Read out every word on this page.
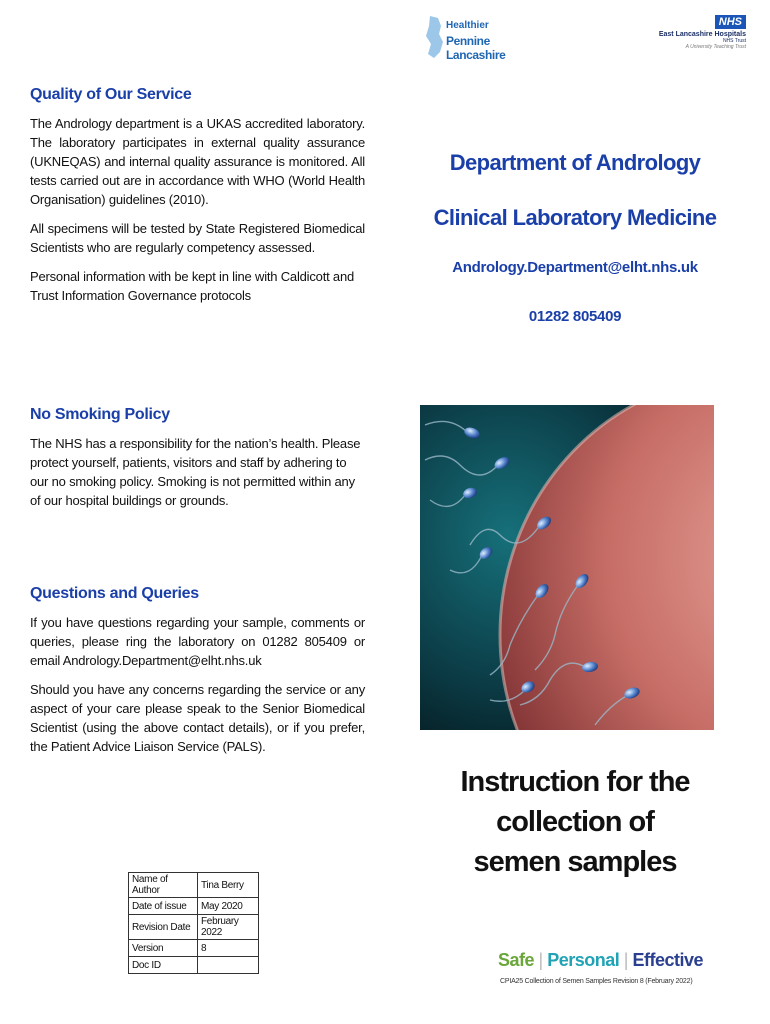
Healthier
Pennine Lancashire
NHS
East Lancashire Hospitals
NHS Trust
A University Teaching Trust
Quality of Our Service

The Andrology department is a UKAS accredited laboratory. The laboratory participates in external quality assurance (UKNEQAS) and internal quality assurance is monitored. All tests carried out are in accordance with WHO (World Health Organisation) guidelines (2010).

All specimens will be tested by State Registered Biomedical Scientists who are regularly competency assessed.

Personal information with be kept in line with Caldicott and Trust Information Governance protocols

No Smoking Policy

The NHS has a responsibility for the nation’s health. Please protect yourself, patients, visitors and staff by adhering to our no smoking policy. Smoking is not permitted within any of our hospital buildings or grounds.

Questions and Queries

If you have questions regarding your sample, comments or queries, please ring the laboratory on 01282 805409 or email Andrology.Department@elht.nhs.uk

Should you have any concerns regarding the service or any aspect of your care please speak to the Senior Biomedical Scientist (using the above contact details), or if you prefer, the Patient Advice Liaison Service (PALS).

Department of Andrology
Clinical Laboratory Medicine
Andrology.Department@elht.nhs.uk
01282 805409
Instruction for the collection of
semen samples
Name of Author	Tina Berry
Date of issue	May 2020
Revision Date	February 2022
Version	8
Doc ID		Safe | Personal | Effective
CPIA25 Collection of Semen Samples Revision 8 (February 2022)
